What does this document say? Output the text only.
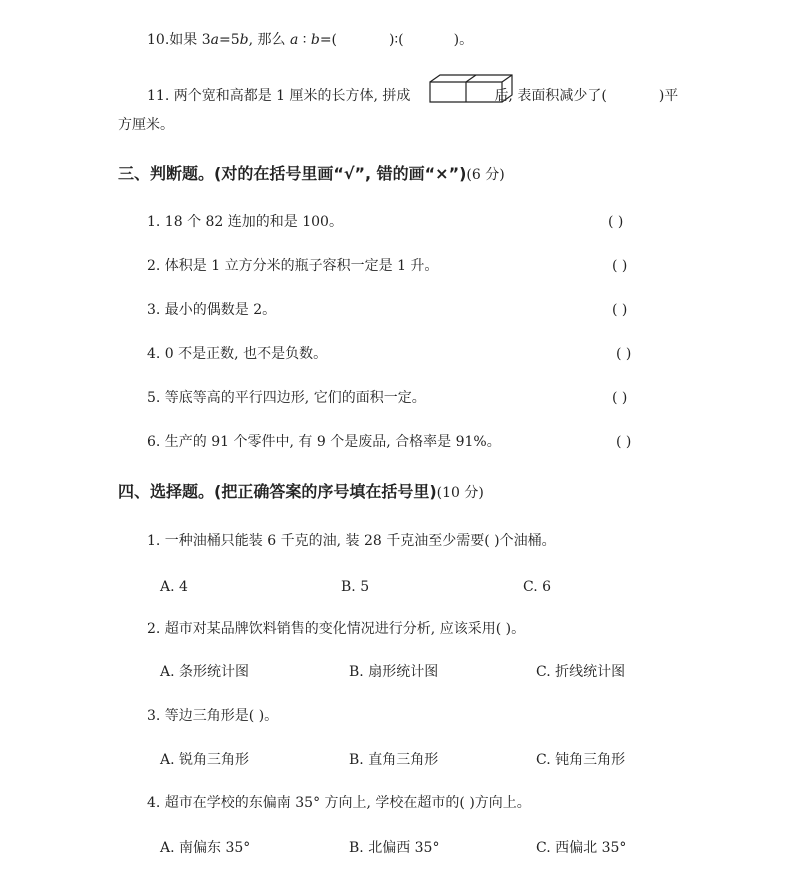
10.如果 3a=5b, 那么 a ∶ b=(	)∶(	)。
11. 两个宽和高都是 1 厘米的长方体, 拼成	后, 表面积减少了(	)平
方厘米。
三、判断题。(对的在括号里画“√”, 错的画“×”)(6 分)
1. 18 个 82 连加的和是 100。	( )
2. 体积是 1 立方分米的瓶子容积一定是 1 升。	( )
3. 最小的偶数是 2。	( )
4. 0 不是正数, 也不是负数。	( )
5. 等底等高的平行四边形, 它们的面积一定。	( )
6. 生产的 91 个零件中, 有 9 个是废品, 合格率是 91%。	( )
四、选择题。(把正确答案的序号填在括号里)(10 分)
1. 一种油桶只能装 6 千克的油, 装 28 千克油至少需要( )个油桶。
A. 4	B. 5	C. 6
2. 超市对某品牌饮料销售的变化情况进行分析, 应该采用( )。
A. 条形统计图	B. 扇形统计图	C. 折线统计图
3. 等边三角形是( )。
A. 锐角三角形	B. 直角三角形	C. 钝角三角形
4. 超市在学校的东偏南 35° 方向上, 学校在超市的( )方向上。
A. 南偏东 35°	B. 北偏西 35°	C. 西偏北 35°
